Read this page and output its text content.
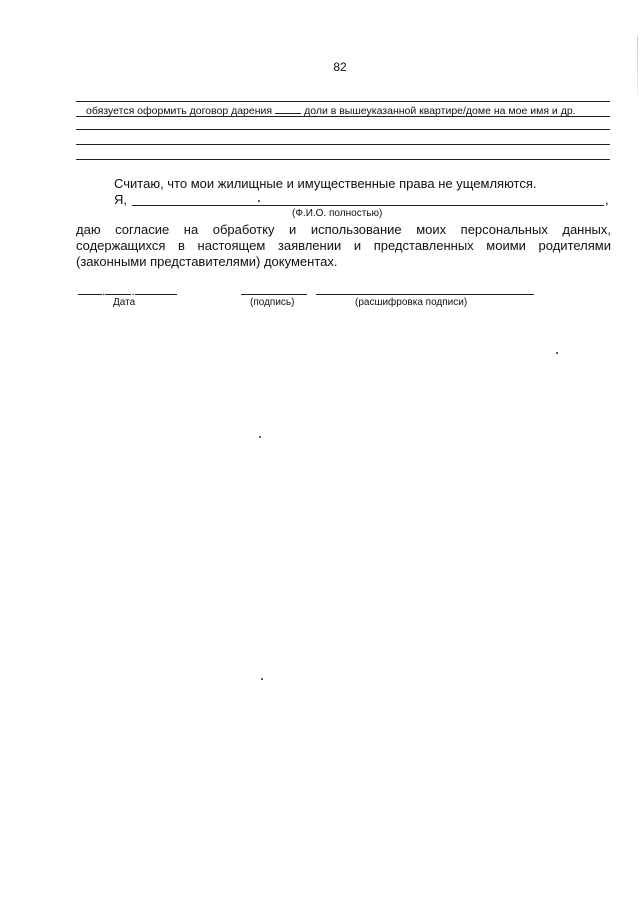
82
обязуется оформить договор дарения	доли в вышеуказанной квартире/доме на мое имя и др.
Считаю, что мои жилищные и имущественные права не ущемляются.
Я,	,
(Ф.И.О. полностью)
даю согласие на обработку и использование моих персональных данных,
содержащихся в настоящем заявлении и представленных моими родителями
(законными представителями) документах.
. .
Дата	(подпись)	(расшифровка подписи)
